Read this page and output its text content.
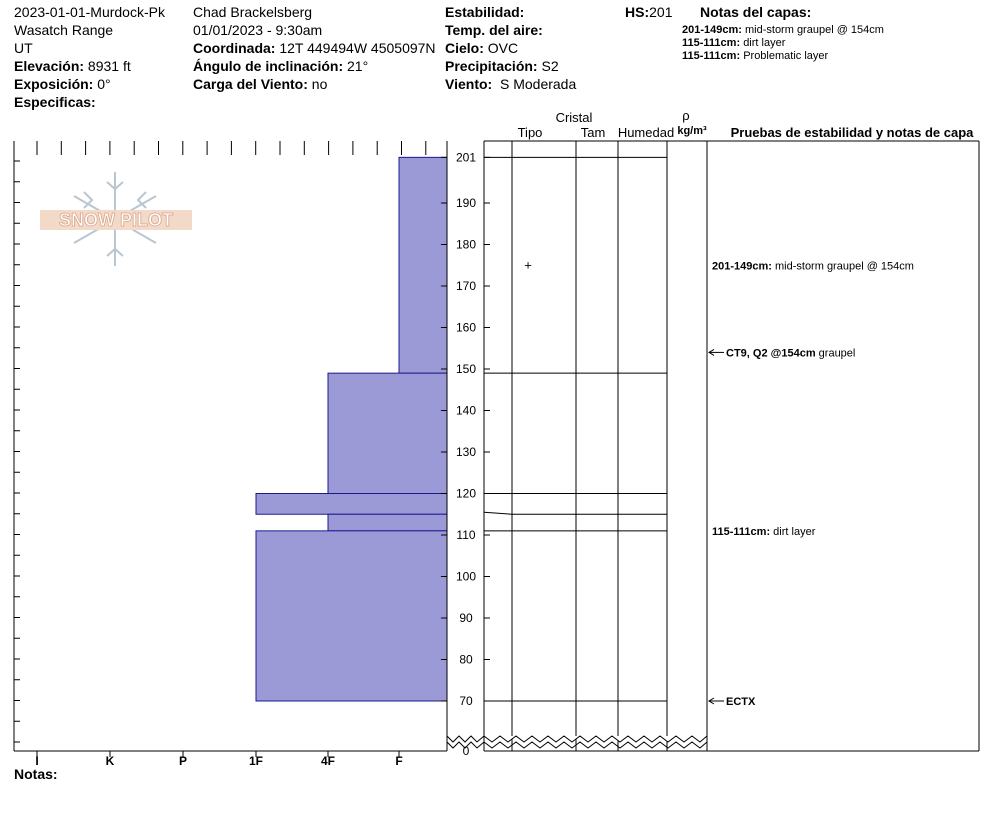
2023-01-01-Murdock-Pk
Wasatch Range
UT
Elevación: 8931 ft
Exposición: 0°
Especificas:
Chad Brackelsberg
01/01/2023 - 9:30am
Coordinada: 12T 449494W 4505097N
Ángulo de inclinación: 21°
Carga del Viento: no
Estabilidad:
Temp. del aire:
Cielo: OVC
Precipitación: S2
Viento: S Moderada
HS:201 Notas del capas:
201-149cm: mid-storm graupel @ 154cm
115-111cm: dirt layer
115-111cm: Problematic layer
Notas:
SNOW PILOT
I	K	P	1F	4F	F
201
190
180
170
160
150
140
130
120
110
100
90
80
70
0
+	201-149cm: mid-storm graupel @ 154cm
CT9, Q2 @154cm graupel
115-111cm: dirt layer
ECTX
Cristal
Tipo	Tam Humedad
ρ
kg/m³ Pruebas de estabilidad y notas de capa
